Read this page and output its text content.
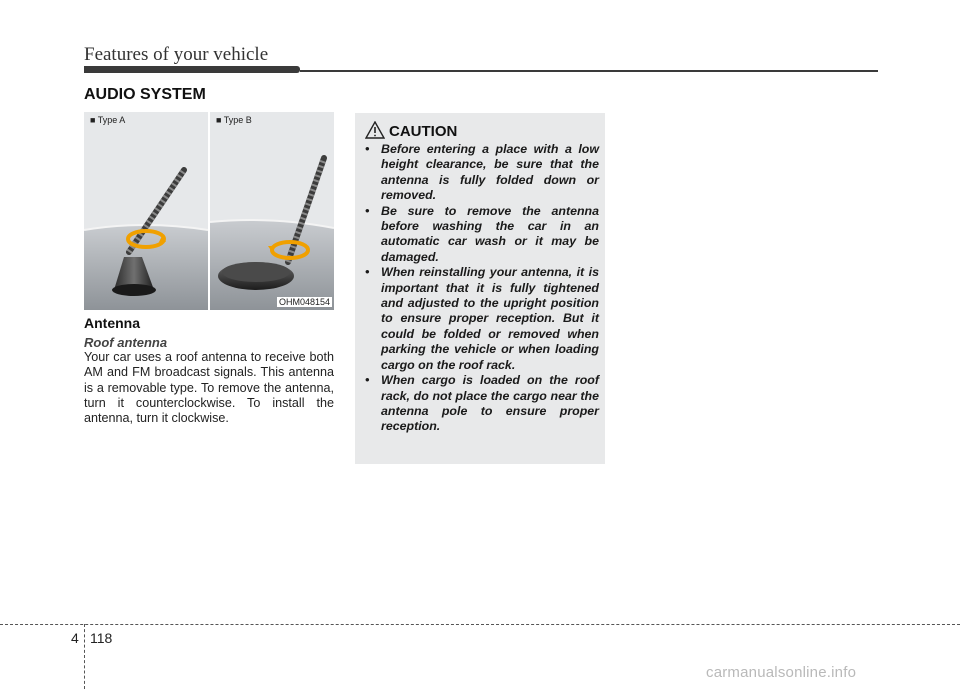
Features of your vehicle
AUDIO SYSTEM
■ Type A	■ Type B
OHM048154
Antenna
Roof antenna
Your car uses a roof antenna to receive both AM and FM broadcast signals. This antenna is a removable type. To remove the antenna, turn it counterclockwise. To install the antenna, turn it clockwise.
CAUTION
• Before entering a place with a low height clearance, be sure that the antenna is fully folded down or removed.
• Be sure to remove the antenna before washing the car in an automatic car wash or it may be damaged.
• When reinstalling your antenna, it is important that it is fully tightened and adjusted to the upright position to ensure proper reception. But it could be folded or removed when parking the vehicle or when loading cargo on the roof rack.
• When cargo is loaded on the roof rack, do not place the cargo near the antenna pole to ensure proper reception.
4 118
carmanualsonline.info
